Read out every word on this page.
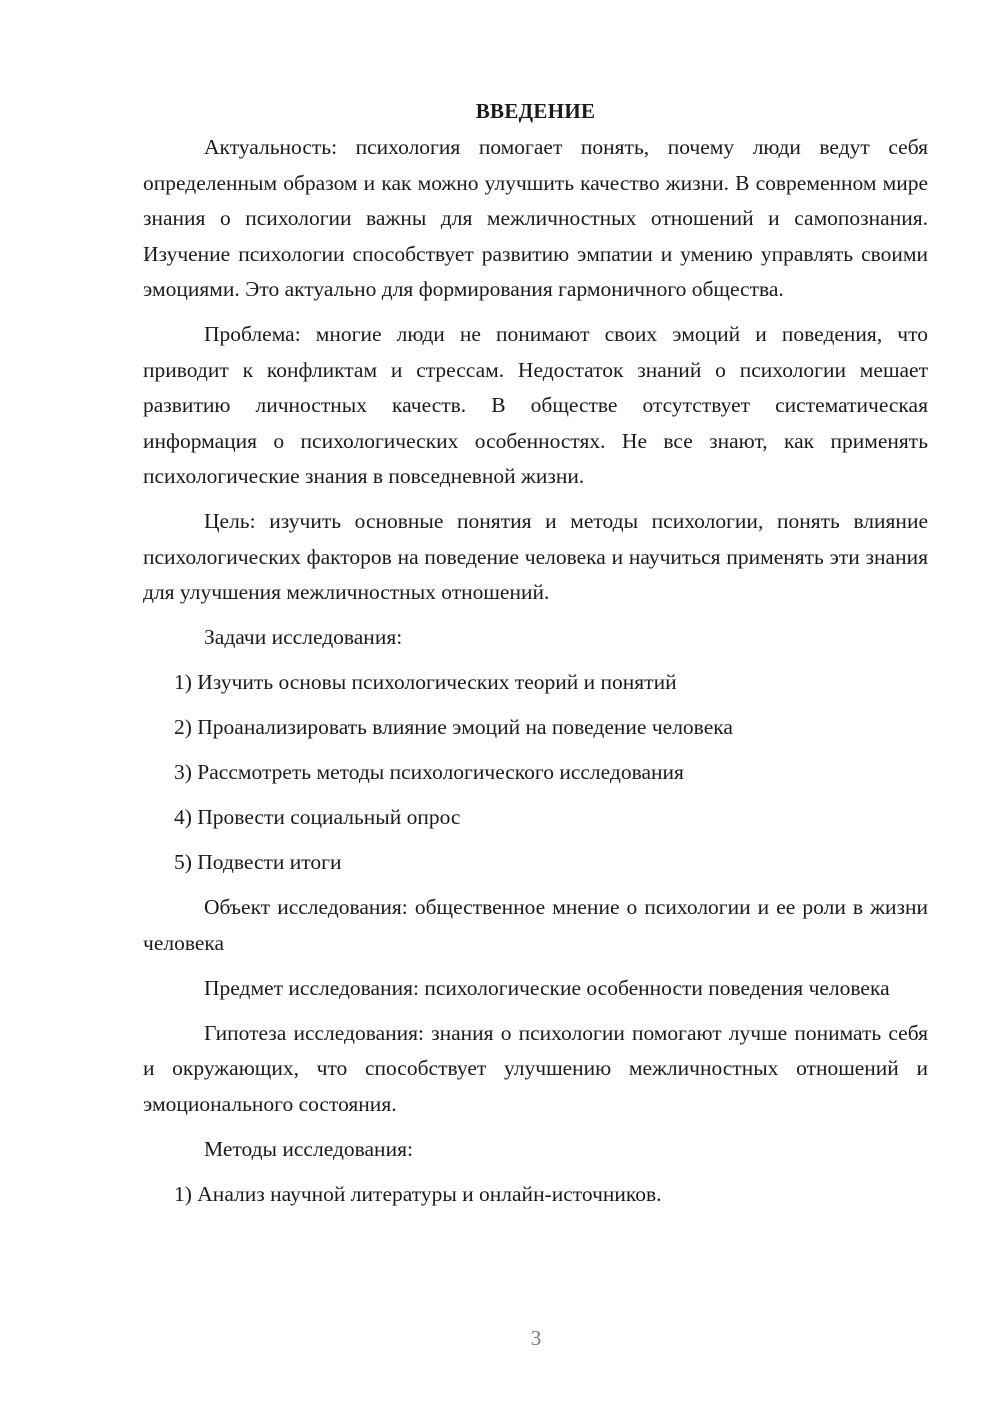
ВВЕДЕНИЕ

Актуальность: психология помогает понять, почему люди ведут себя определенным образом и как можно улучшить качество жизни. В современном мире знания о психологии важны для межличностных отношений и самопознания. Изучение психологии способствует развитию эмпатии и умению управлять своими эмоциями. Это актуально для формирования гармоничного общества.

Проблема: многие люди не понимают своих эмоций и поведения, что приводит к конфликтам и стрессам. Недостаток знаний о психологии мешает развитию личностных качеств. В обществе отсутствует систематическая информация о психологических особенностях. Не все знают, как применять психологические знания в повседневной жизни.

Цель: изучить основные понятия и методы психологии, понять влияние психологических факторов на поведение человека и научиться применять эти знания для улучшения межличностных отношений.

Задачи исследования:

1) Изучить основы психологических теорий и понятий
2) Проанализировать влияние эмоций на поведение человека
3) Рассмотреть методы психологического исследования
4) Провести социальный опрос
5) Подвести итоги

Объект исследования: общественное мнение о психологии и ее роли в жизни человека

Предмет исследования: психологические особенности поведения человека

Гипотеза исследования: знания о психологии помогают лучше понимать себя и окружающих, что способствует улучшению межличностных отношений и эмоционального состояния.

Методы исследования:

1) Анализ научной литературы и онлайн-источников.

3
